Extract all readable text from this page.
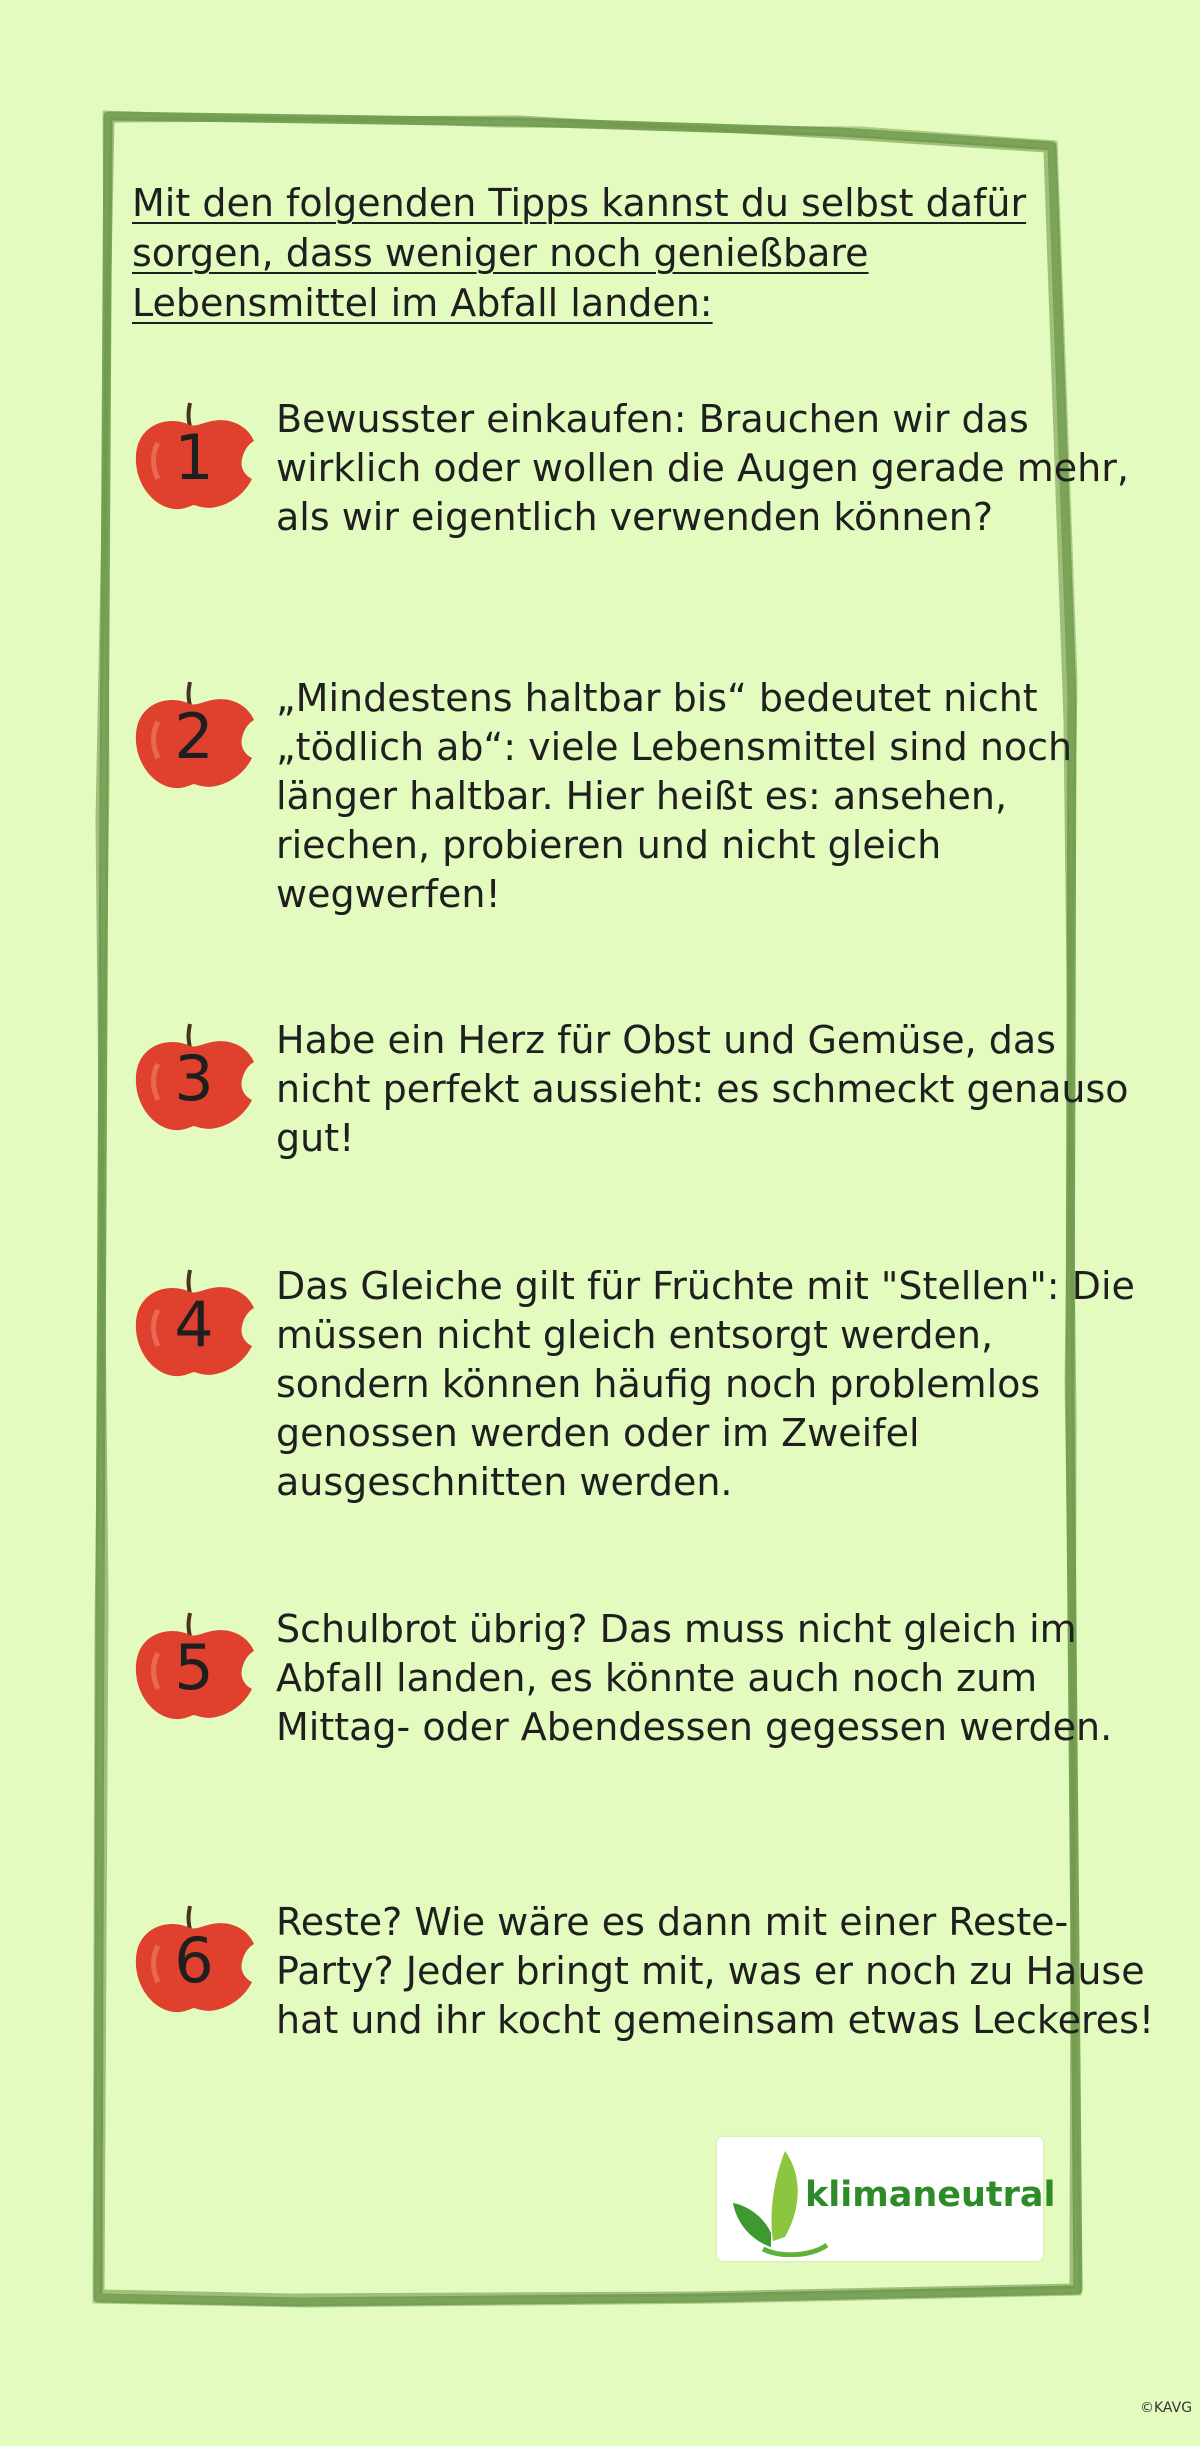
Mit den folgenden Tipps kannst du selbst dafür sorgen, dass weniger noch genießbare Lebensmittel im Abfall landen:

1

Bewusster einkaufen: Brauchen wir das wirklich oder wollen die Augen gerade mehr, als wir eigentlich verwenden können?

2

„Mindestens haltbar bis“ bedeutet nicht „tödlich ab“: viele Lebensmittel sind noch länger haltbar. Hier heißt es: ansehen, riechen, probieren und nicht gleich wegwerfen!

3

Habe ein Herz für Obst und Gemüse, das nicht perfekt aussieht: es schmeckt genauso gut!

4

Das Gleiche gilt für Früchte mit "Stellen": Die müssen nicht gleich entsorgt werden, sondern können häufig noch problemlos genossen werden oder im Zweifel ausgeschnitten werden.

5

Schulbrot übrig? Das muss nicht gleich im Abfall landen, es könnte auch noch zum Mittag- oder Abendessen gegessen werden.

6

Reste? Wie wäre es dann mit einer Reste-Party? Jeder bringt mit, was er noch zu Hause hat und ihr kocht gemeinsam etwas Leckeres!

klimaneutral
©KAVG
